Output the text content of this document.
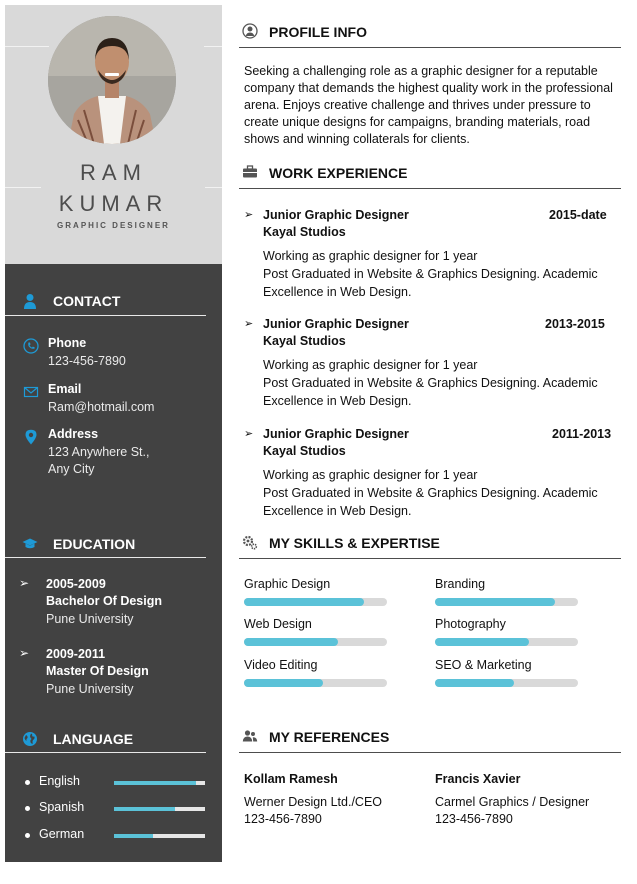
RAM
KUMAR
GRAPHIC DESIGNER
CONTACT
Phone
123-456-7890
Email
Ram@hotmail.com
Address
123 Anywhere St.,
Any City
EDUCATION
➢ 2005-2009
Bachelor Of Design
Pune University
➢ 2009-2011
Master Of Design
Pune University
LANGUAGE
English
Spanish
German
PROFILE INFO
Seeking a challenging role as a graphic designer for a reputable company that demands the highest quality work in the professional arena. Enjoys creative challenge and thrives under pressure to create unique designs for campaigns, branding materials, road shows and winning collaterals for clients.
WORK EXPERIENCE
➢ Junior Graphic Designer	2015-date
Kayal Studios
Working as graphic designer for 1 year
Post Graduated in Website & Graphics Designing. Academic Excellence in Web Design.
➢ Junior Graphic Designer	2013-2015
Kayal Studios
Working as graphic designer for 1 year
Post Graduated in Website & Graphics Designing. Academic Excellence in Web Design.
➢ Junior Graphic Designer	2011-2013
Kayal Studios
Working as graphic designer for 1 year
Post Graduated in Website & Graphics Designing. Academic Excellence in Web Design.
MY SKILLS & EXPERTISE
Graphic Design	Branding
Web Design	Photography
Video Editing	SEO & Marketing
MY REFERENCES
Kollam Ramesh
Werner Design Ltd./CEO
123-456-7890
Francis Xavier
Carmel Graphics / Designer
123-456-7890
